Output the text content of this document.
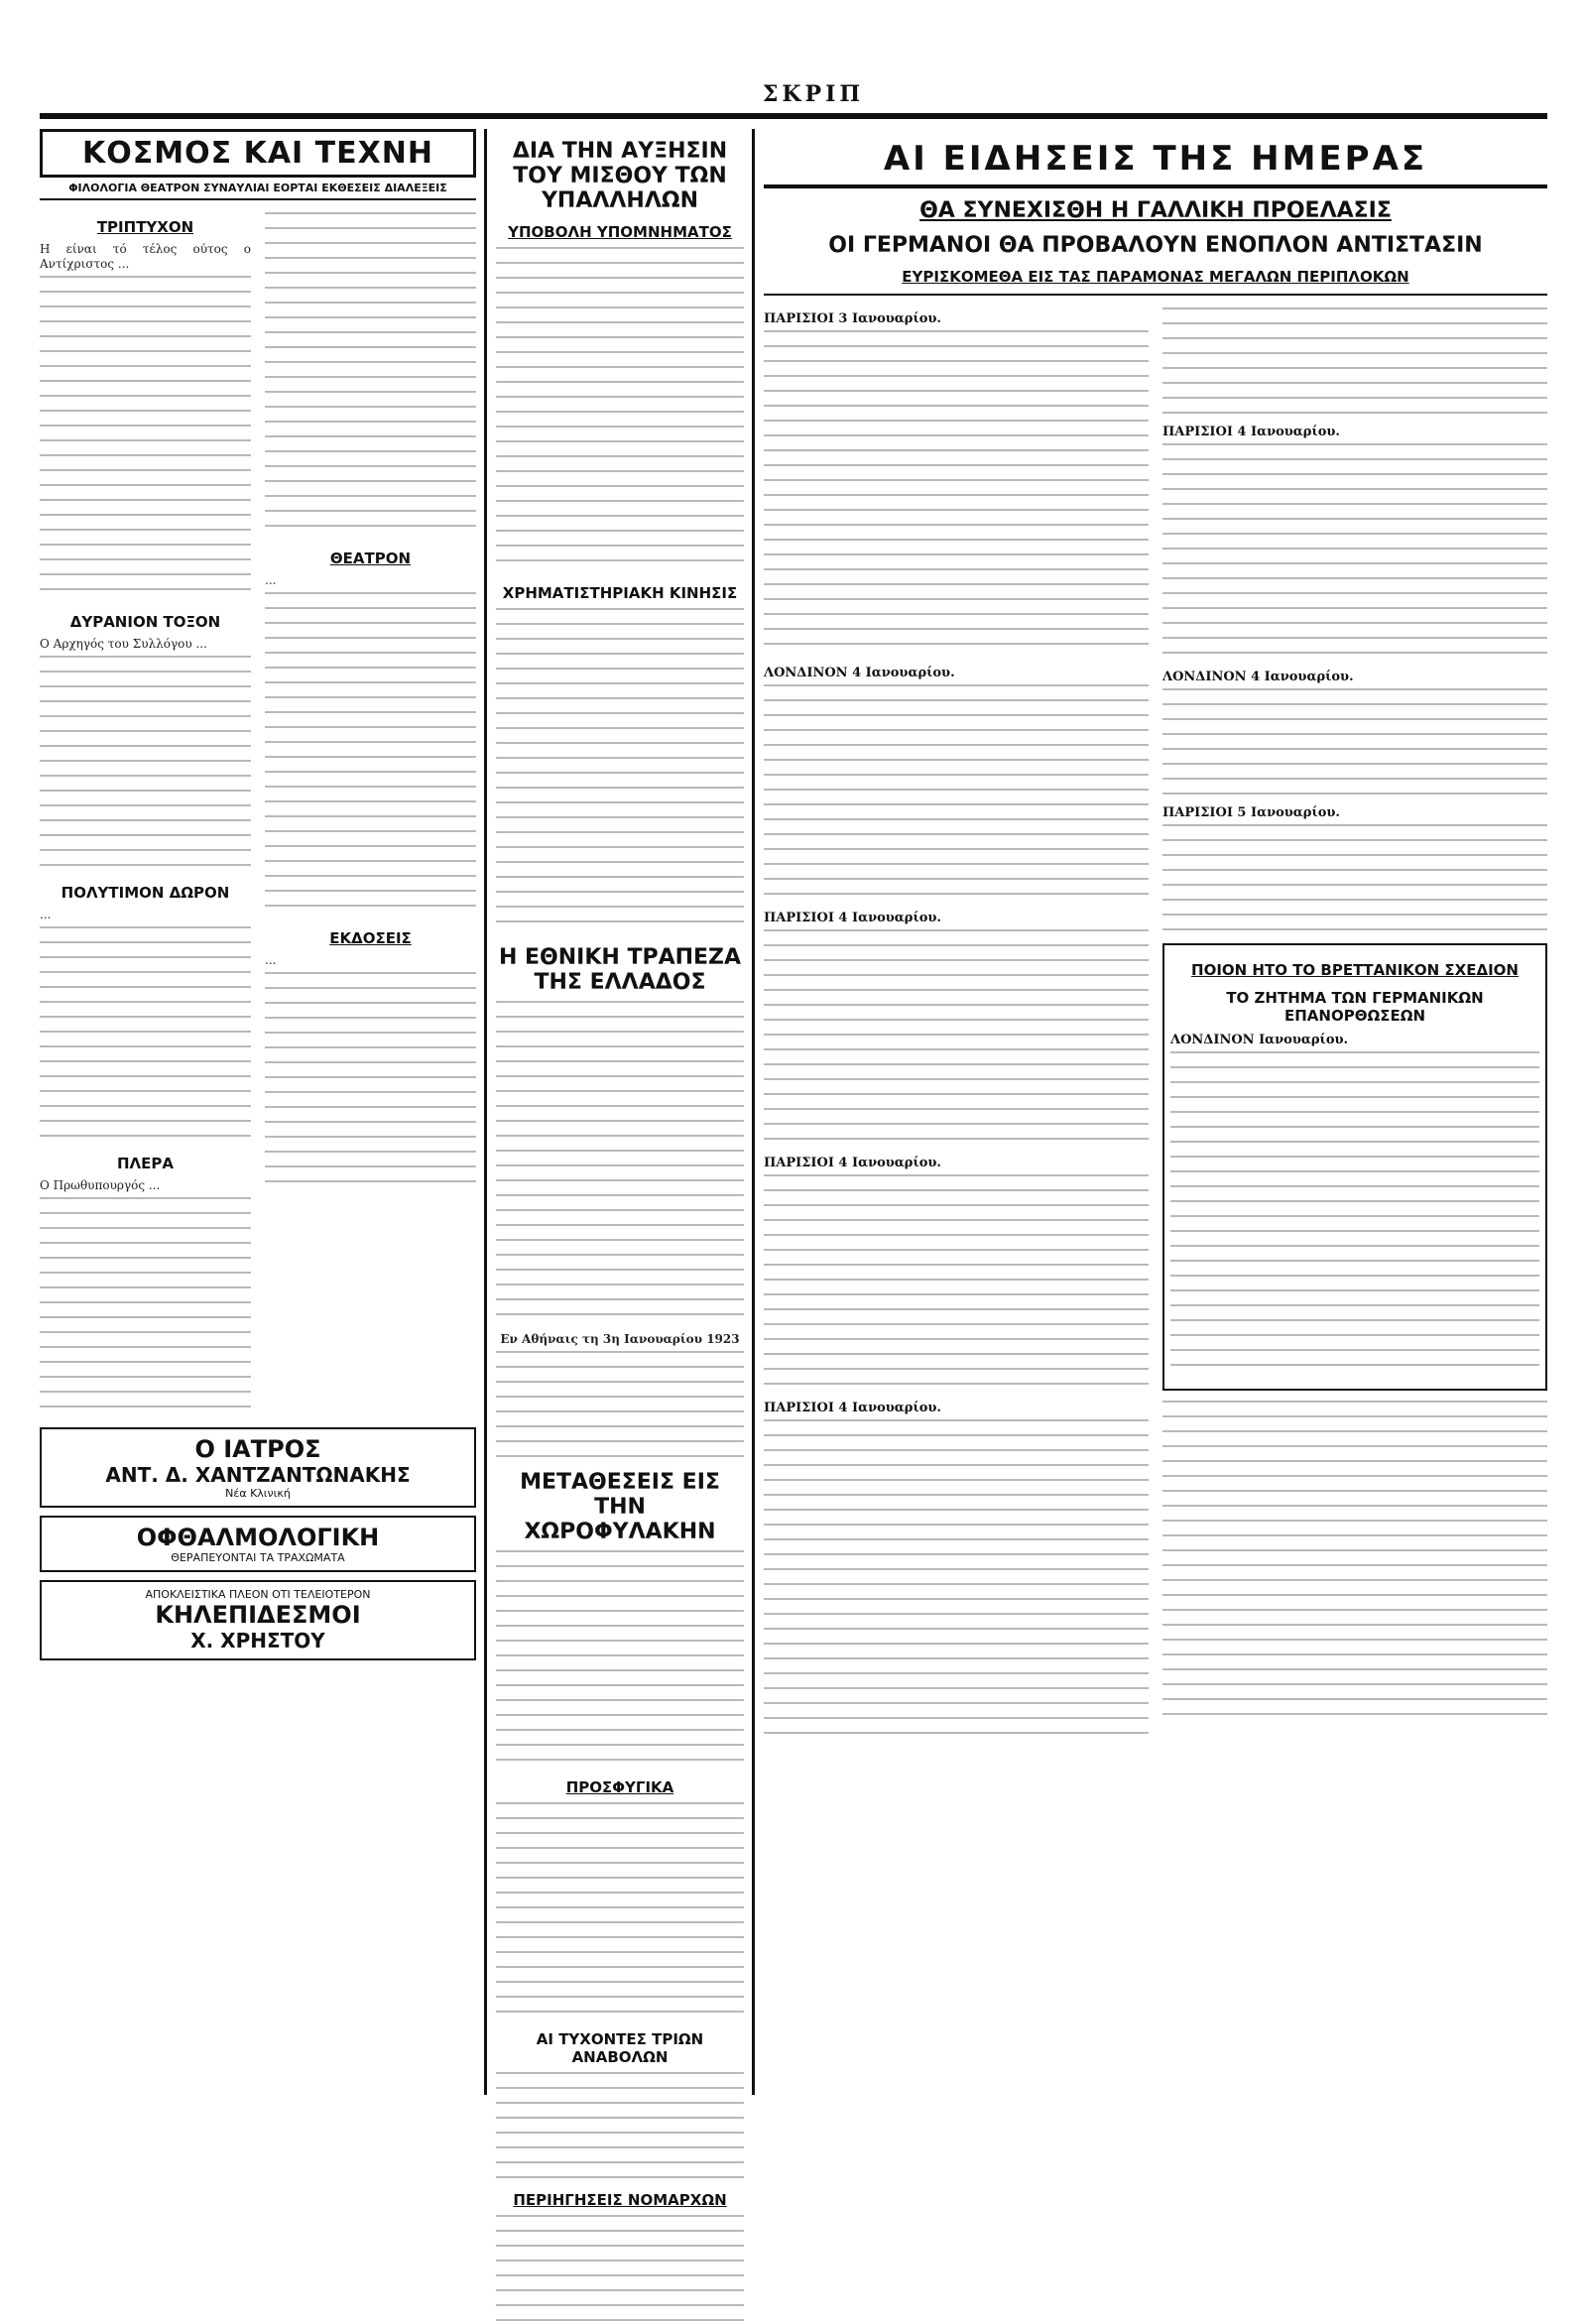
ΣΚΡΙΠ
ΚΟΣΜΟΣ ΚΑΙ ΤΕΧΝΗ
ΦΙΛΟΛΟΓΙΑ ΘΕΑΤΡΟΝ ΣΥΝΑΥΛΙΑΙ ΕΟΡΤΑΙ ΕΚΘΕΣΕΙΣ ΔΙΑΛΕΞΕΙΣ
ΤΡΙΠΤΥΧΟΝ
Η είναι τό τέλος ούτος ο Αντίχριστος ...
ΔΥΡΑΝΙΟΝ ΤΟΞΟΝ
Ο Αρχηγός του Συλλόγου ...
ΠΟΛΥΤΙΜΟΝ ΔΩΡΟΝ
...
ΠΛΕΡΑ
Ο Πρωθυπουργός ...
ΘΕΑΤΡΟΝ
...
ΕΚΔΟΣΕΙΣ
...
Ο ΙΑΤΡΟΣ
ΑΝΤ. Δ. ΧΑΝΤΖΑΝΤΩΝΑΚΗΣ
Νέα Κλινική
ΟΦΘΑΛΜΟΛΟΓΙΚΗ
ΘΕΡΑΠΕΥΟΝΤΑΙ ΤΑ ΤΡΑΧΩΜΑΤΑ
ΑΠΟΚΛΕΙΣΤΙΚΑ ΠΛΕΟΝ ΟΤΙ ΤΕΛΕΙΟΤΕΡΟΝ
ΚΗΛΕΠΙΔΕΣΜΟΙ
Χ. ΧΡΗΣΤΟΥ
ΔΙΑ ΤΗΝ ΑΥΞΗΣΙΝ ΤΟΥ ΜΙΣΘΟΥ ΤΩΝ ΥΠΑΛΛΗΛΩΝ
ΥΠΟΒΟΛΗ ΥΠΟΜΝΗΜΑΤΟΣ
ΧΡΗΜΑΤΙΣΤΗΡΙΑΚΗ ΚΙΝΗΣΙΣ
Η ΕΘΝΙΚΗ ΤΡΑΠΕΖΑ ΤΗΣ ΕΛΛΑΔΟΣ
Εν Αθήναις τη 3η Ιανουαρίου 1923
ΜΕΤΑΘΕΣΕΙΣ ΕΙΣ ΤΗΝ ΧΩΡΟΦΥΛΑΚΗΝ
ΠΡΟΣΦΥΓΙΚΑ
ΑΙ ΤΥΧΟΝΤΕΣ ΤΡΙΩΝ ΑΝΑΒΟΛΩΝ
ΠΕΡΙΗΓΗΣΕΙΣ ΝΟΜΑΡΧΩΝ
ΑΙ ΕΙΔΗΣΕΙΣ ΤΗΣ ΗΜΕΡΑΣ
ΘΑ ΣΥΝΕΧΙΣΘΗ Η ΓΑΛΛΙΚΗ ΠΡΟΕΛΑΣΙΣ
ΟΙ ΓΕΡΜΑΝΟΙ ΘΑ ΠΡΟΒΑΛΟΥΝ ΕΝΟΠΛΟΝ ΑΝΤΙΣΤΑΣΙΝ
ΕΥΡΙΣΚΟΜΕΘΑ ΕΙΣ ΤΑΣ ΠΑΡΑΜΟΝΑΣ ΜΕΓΑΛΩΝ ΠΕΡΙΠΛΟΚΩΝ
ΠΑΡΙΣΙΟΙ 3 Ιανουαρίου.
ΛΟΝΔΙΝΟΝ 4 Ιανουαρίου.
ΠΑΡΙΣΙΟΙ 4 Ιανουαρίου.
ΠΑΡΙΣΙΟΙ 4 Ιανουαρίου.
ΠΑΡΙΣΙΟΙ 4 Ιανουαρίου.
ΠΑΡΙΣΙΟΙ 4 Ιανουαρίου.
ΛΟΝΔΙΝΟΝ 4 Ιανουαρίου.
ΠΑΡΙΣΙΟΙ 5 Ιανουαρίου.
ΠΟΙΟΝ ΗΤΟ ΤΟ ΒΡΕΤΤΑΝΙΚΟΝ ΣΧΕΔΙΟΝ
ΤΟ ΖΗΤΗΜΑ ΤΩΝ ΓΕΡΜΑΝΙΚΩΝ ΕΠΑΝΟΡΘΩΣΕΩΝ
ΛΟΝΔΙΝΟΝ Ιανουαρίου.
